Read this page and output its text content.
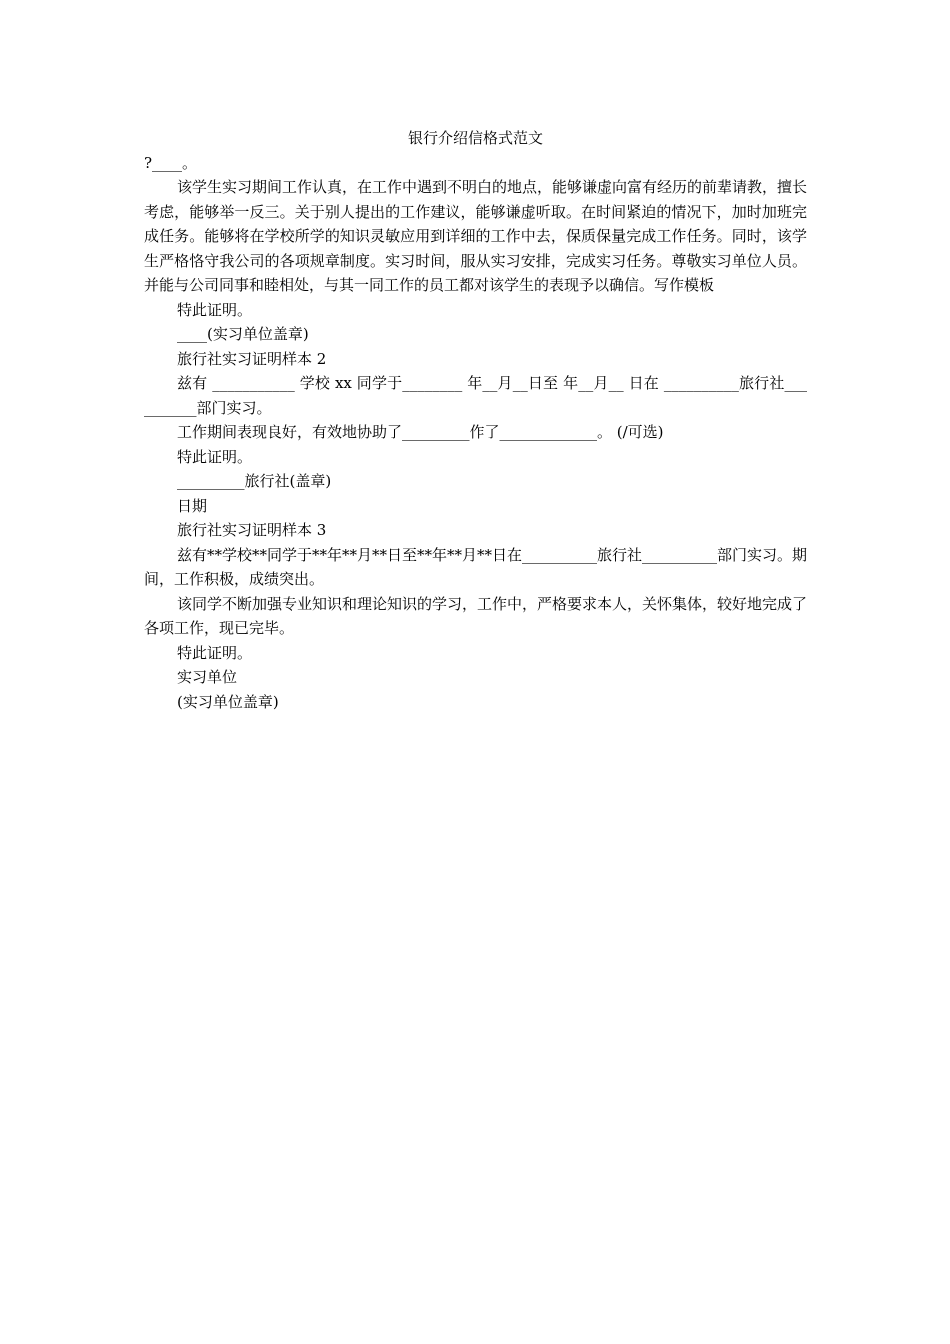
银行介绍信格式范文

?____。

该学生实习期间工作认真，在工作中遇到不明白的地点，能够谦虚向富有经历的前辈请教，擅长考虑，能够举一反三。关于别人提出的工作建议，能够谦虚听取。在时间紧迫的情况下，加时加班完成任务。能够将在学校所学的知识灵敏应用到详细的工作中去，保质保量完成工作任务。同时，该学生严格恪守我公司的各项规章制度。实习时间，服从实习安排，完成实习任务。尊敬实习单位人员。并能与公司同事和睦相处，与其一同工作的员工都对该学生的表现予以确信。写作模板

特此证明。

____(实习单位盖章)

旅行社实习证明样本 2

兹有 ___________ 学校 xx 同学于________ 年__月__日至 年__月__ 日在 __________旅行社__________部门实习。

工作期间表现良好，有效地协助了_________作了_____________。 (/可选)

特此证明。

_________旅行社(盖章)

日期

旅行社实习证明样本 3

兹有**学校**同学于**年**月**日至**年**月**日在__________旅行社__________部门实习。期间，工作积极，成绩突出。

该同学不断加强专业知识和理论知识的学习，工作中，严格要求本人，关怀集体，较好地完成了各项工作，现已完毕。

特此证明。

实习单位

(实习单位盖章)
